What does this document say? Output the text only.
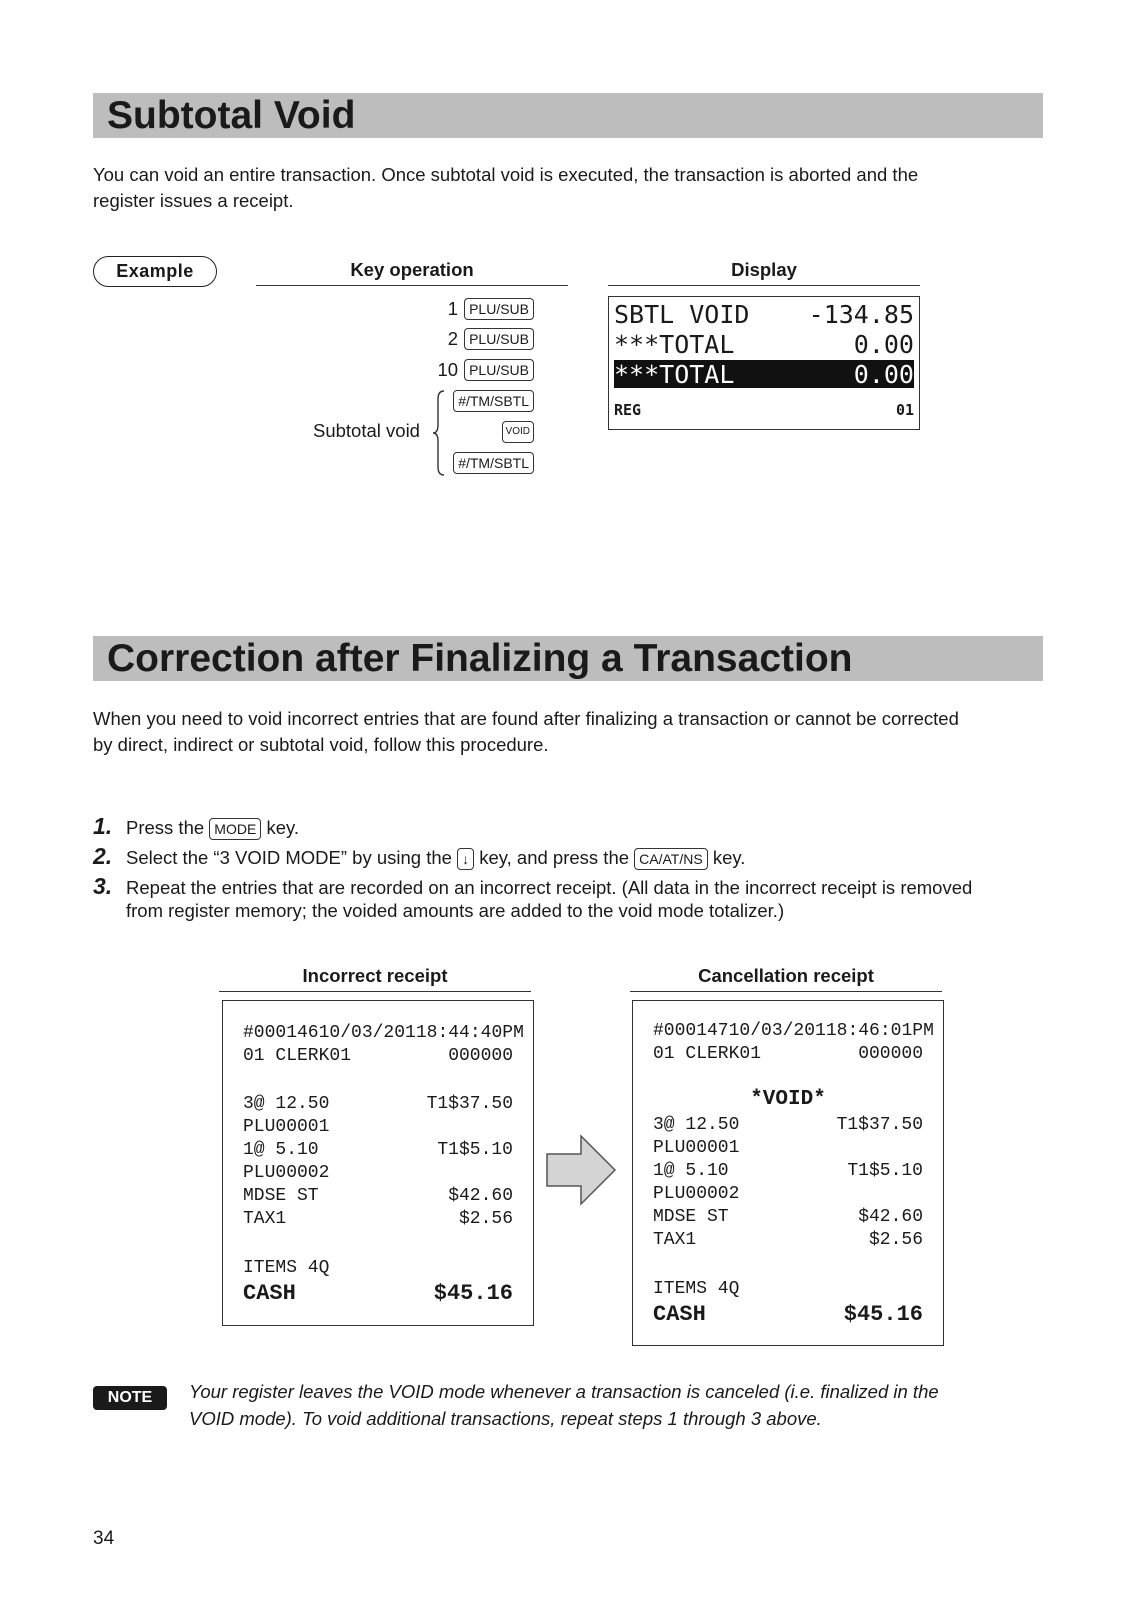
Subtotal Void

You can void an entire transaction. Once subtotal void is executed, the transaction is aborted and the

register issues a receipt.

Example	Key operation	Display
1 PLU/SUB
2 PLU/SUB
10 PLU/SUB
#/TM/SBTL
VOID
#/TM/SBTL
Subtotal void
SBTL VOID -134.85
***TOTAL	0.00
***TOTAL	0.00
REG	01
Correction after Finalizing a Transaction

When you need to void incorrect entries that are found after finalizing a transaction or cannot be corrected

by direct, indirect or subtotal void, follow this procedure.

1. Press the MODE key.
2. Select the “3 VOID MODE” by using the ↓ key, and press the CA/AT/NS key.
3. Repeat the entries that are recorded on an incorrect receipt. (All data in the incorrect receipt is removed
from register memory; the voided amounts are added to the void mode totalizer.)
Incorrect receipt	Cancellation receipt
#000146 10/03/2011 8:44:40PM
01 CLERK01	000000
3@ 12.50	T1$37.50
PLU00001
1@ 5.10	T1$5.10
PLU00002
MDSE ST	$42.60
TAX1	$2.56
ITEMS 4Q
CASH	$45.16
#000147 10/03/2011 8:46:01PM
01 CLERK01	000000
*VOID*
3@ 12.50	T1$37.50
PLU00001
1@ 5.10	T1$5.10
PLU00002
MDSE ST	$42.60
TAX1	$2.56
ITEMS 4Q
CASH	$45.16
NOTE	Your register leaves the VOID mode whenever a transaction is canceled (i.e. finalized in the

VOID mode). To void additional transactions, repeat steps 1 through 3 above.

34
